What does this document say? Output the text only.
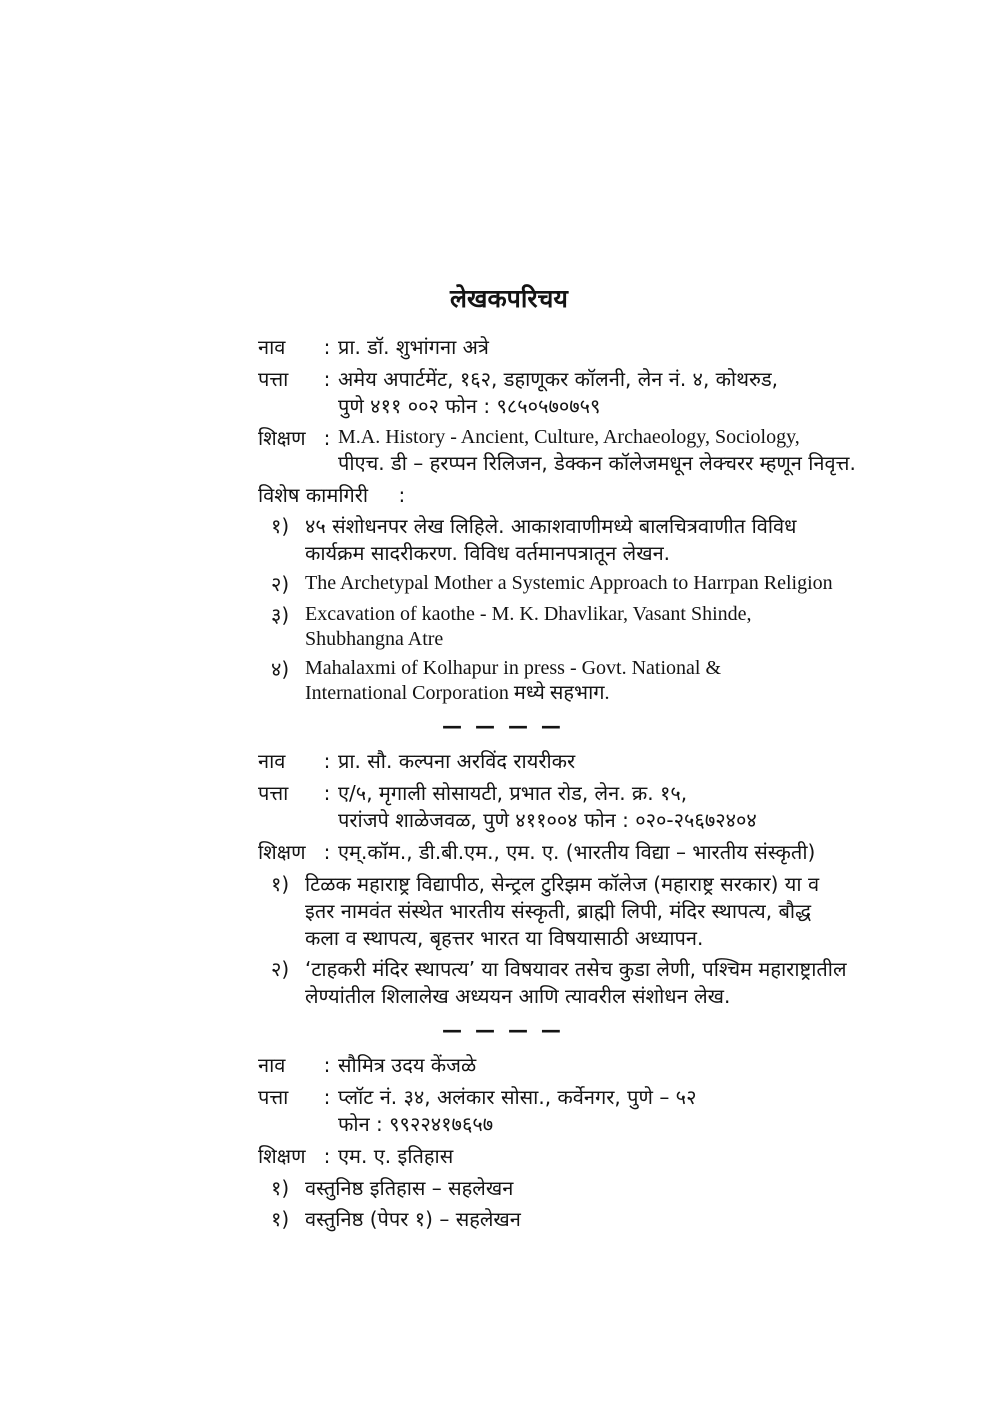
लेखकपरिचय
नाव	: प्रा. डॉ. शुभांगना अत्रे
पत्ता	: अमेय अपार्टमेंट, १६२, डहाणूकर कॉलनी, लेन नं. ४, कोथरुड,
पुणे ४११ ००२ फोन : ९८५०५७०७५९
शिक्षण : M.A. History - Ancient, Culture, Archaeology, Sociology,
पीएच. डी – हरप्पन रिलिजन, डेक्कन कॉलेजमधून लेक्चरर म्हणून निवृत्त.
विशेष कामगिरी :
१) ४५ संशोधनपर लेख लिहिले. आकाशवाणीमध्ये बालचित्रवाणीत विविध
कार्यक्रम सादरीकरण. विविध वर्तमानपत्रातून लेखन.
२) The Archetypal Mother a Systemic Approach to Harrpan Religion
३) Excavation of kaothe - M. K. Dhavlikar, Vasant Shinde,
Shubhangna Atre
४) Mahalaxmi of Kolhapur in press - Govt. National &
International Corporation मध्ये सहभाग.
— — — —
नाव	: प्रा. सौ. कल्पना अरविंद रायरीकर
पत्ता	: ए/५, मृगाली सोसायटी, प्रभात रोड, लेन. क्र. १५,
परांजपे शाळेजवळ, पुणे ४११००४ फोन : ०२०-२५६७२४०४
शिक्षण : एम्.कॉम., डी.बी.एम., एम. ए. (भारतीय विद्या – भारतीय संस्कृती)
१) टिळक महाराष्ट्र विद्यापीठ, सेन्ट्रल टुरिझम कॉलेज (महाराष्ट्र सरकार) या व
इतर नामवंत संस्थेत भारतीय संस्कृती, ब्राह्मी लिपी, मंदिर स्थापत्य, बौद्ध
कला व स्थापत्य, बृहत्तर भारत या विषयासाठी अध्यापन.
२) ‘टाहकरी मंदिर स्थापत्य’ या विषयावर तसेच कुडा लेणी, पश्चिम महाराष्ट्रातील
लेण्यांतील शिलालेख अध्ययन आणि त्यावरील संशोधन लेख.
— — — —
नाव	: सौमित्र उदय केंजळे
पत्ता	: प्लॉट नं. ३४, अलंकार सोसा., कर्वेनगर, पुणे – ५२
फोन : ९९२२४१७६५७
शिक्षण : एम. ए. इतिहास
१) वस्तुनिष्ठ इतिहास – सहलेखन
१) वस्तुनिष्ठ (पेपर १) – सहलेखन
